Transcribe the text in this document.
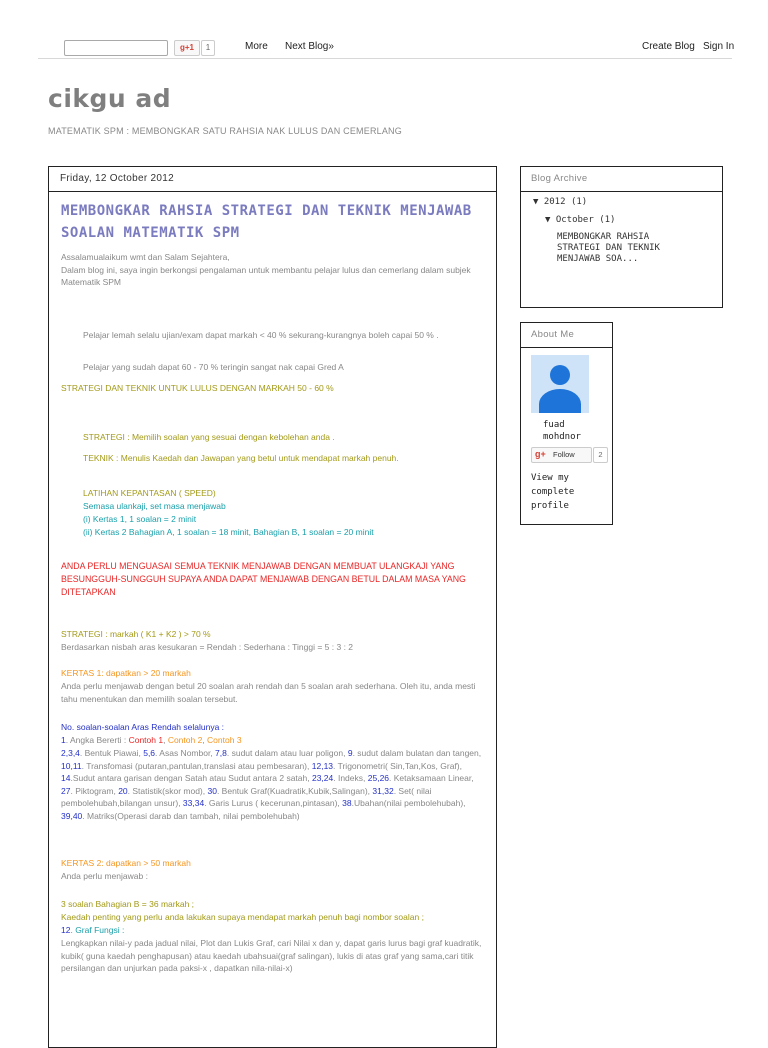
g+1	1	More Next Blog»	Create Blog Sign In
cikgu ad
MATEMATIK SPM : MEMBONGKAR SATU RAHSIA NAK LULUS DAN CEMERLANG
Friday, 12 October 2012
MEMBONGKAR RAHSIA STRATEGI DAN TEKNIK MENJAWAB SOALAN MATEMATIK SPM

Assalamualaikum wmt dan Salam Sejahtera,

Dalam blog ini, saya ingin berkongsi pengalaman untuk membantu pelajar lulus dan cemerlang dalam subjek Matematik SPM

Pelajar lemah selalu ujian/exam dapat markah < 40 % sekurang-kurangnya boleh capai 50 % .
Pelajar yang sudah dapat 60 - 70 % teringin sangat nak capai Gred A
STRATEGI DAN TEKNIK UNTUK LULUS DENGAN MARKAH 50 - 60 %
STRATEGI : Memilih soalan yang sesuai dengan kebolehan anda .
TEKNIK : Menulis Kaedah dan Jawapan yang betul untuk mendapat markah penuh.
LATIHAN KEPANTASAN ( SPEED)
Semasa ulankaji, set masa menjawab
(i) Kertas 1, 1 soalan = 2 minit
(ii) Kertas 2 Bahagian A, 1 soalan = 18 minit, Bahagian B, 1 soalan = 20 minit
ANDA PERLU MENGUASAI SEMUA TEKNIK MENJAWAB DENGAN MEMBUAT ULANGKAJI YANG BESUNGGUH-SUNGGUH SUPAYA ANDA DAPAT MENJAWAB DENGAN BETUL DALAM MASA YANG DITETAPKAN
STRATEGI : markah ( K1 + K2 ) > 70 %
Berdasarkan nisbah aras kesukaran = Rendah : Sederhana : Tinggi = 5 : 3 : 2
KERTAS 1: dapatkan > 20 markah
Anda perlu menjawab dengan betul 20 soalan arah rendah dan 5 soalan arah sederhana. Oleh itu, anda mesti tahu menentukan dan memilih soalan tersebut.
No. soalan-soalan Aras Rendah selalunya :
1. Angka Bererti : Contoh 1, Contoh 2, Contoh 3
2,3,4. Bentuk Piawai, 5,6. Asas Nombor, 7,8. sudut dalam atau luar poligon, 9. sudut dalam bulatan dan tangen, 10,11. Transfomasi (putaran,pantulan,translasi atau pembesaran), 12,13. Trigonometri( Sin,Tan,Kos, Graf), 14.Sudut antara garisan dengan Satah atau Sudut antara 2 satah, 23,24. Indeks, 25,26. Ketaksamaan Linear, 27. Piktogram, 20. Statistik(skor mod), 30. Bentuk Graf(Kuadratik,Kubik,Salingan), 31,32. Set( nilai pembolehubah,bilangan unsur), 33,34. Garis Lurus ( kecerunan,pintasan), 38.Ubahan(nilai pembolehubah), 39,40. Matriks(Operasi darab dan tambah, nilai pembolehubah)
KERTAS 2: dapatkan > 50 markah
Anda perlu menjawab :
3 soalan Bahagian B = 36 markah ;
Kaedah penting yang perlu anda lakukan supaya mendapat markah penuh bagi nombor soalan ;
12. Graf Fungsi :
Lengkapkan nilai-y pada jadual nilai, Plot dan Lukis Graf, cari Nilai x dan y, dapat garis lurus bagi graf kuadratik, kubik( guna kaedah penghapusan) atau kaedah ubahsuai(graf salingan), lukis di atas graf yang sama,cari titik persilangan dan unjurkan pada paksi-x , dapatkan nila-nilai-x)
Blog Archive
▼ 2012 (1)
▼ October (1)
MEMBONGKAR RAHSIA STRATEGI DAN TEKNIK MENJAWAB SOA...
About Me
fuad mohdnor
g+ Follow	2
View my complete profile
